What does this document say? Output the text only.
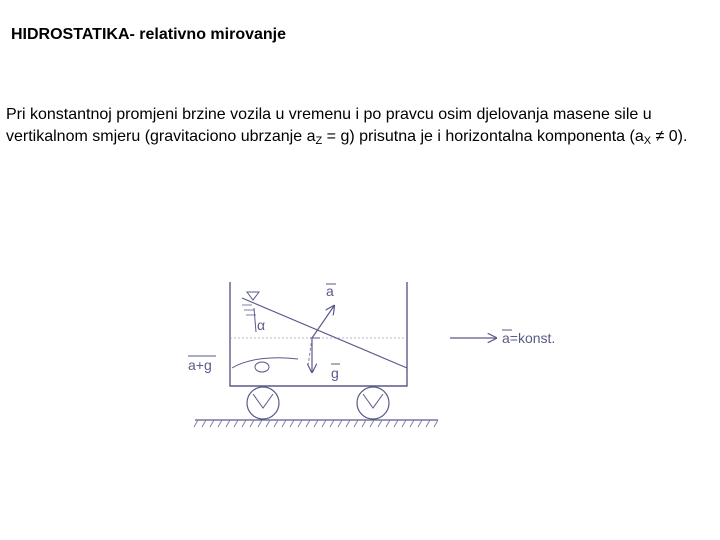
HIDROSTATIKA- relativno mirovanje
Pri konstantnoj promjeni brzine vozila u vremenu i po pravcu osim djelovanja masene sile u vertikalnom smjeru (gravitaciono ubrzanje aZ = g) prisutna je i horizontalna komponenta (aX ≠ 0).
a
α
a+g	g
a=konst.
